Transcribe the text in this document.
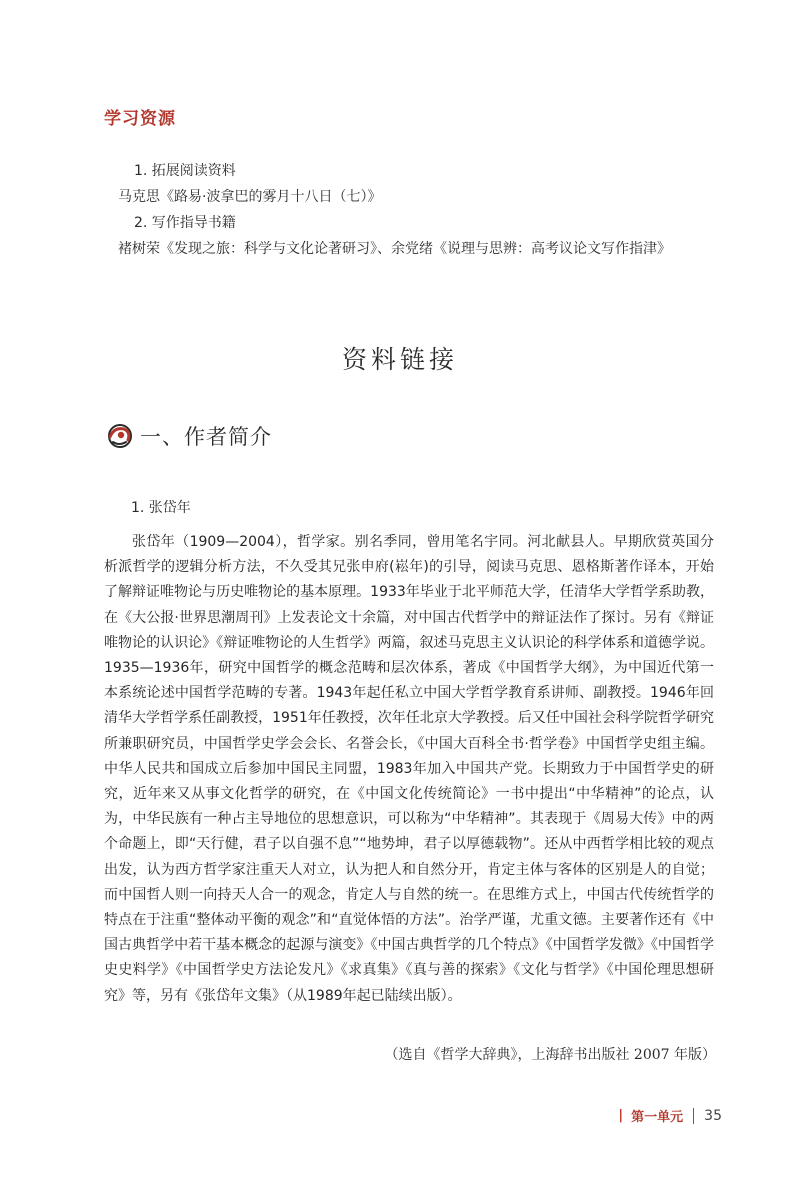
学习资源
1. 拓展阅读资料
马克思《路易·波拿巴的雾月十八日（七）》
2. 写作指导书籍
褚树荣《发现之旅：科学与文化论著研习》、余党绪《说理与思辨：高考议论文写作指津》
资料链接
一、作者简介
1. 张岱年

张岱年（1909—2004），哲学家。别名季同，曾用笔名宇同。河北献县人。早期欣赏英国分析派哲学的逻辑分析方法，不久受其兄张申府(崧年)的引导，阅读马克思、恩格斯著作译本，开始了解辩证唯物论与历史唯物论的基本原理。1933年毕业于北平师范大学，任清华大学哲学系助教，在《大公报·世界思潮周刊》上发表论文十余篇，对中国古代哲学中的辩证法作了探讨。另有《辩证唯物论的认识论》《辩证唯物论的人生哲学》两篇，叙述马克思主义认识论的科学体系和道德学说。1935—1936年，研究中国哲学的概念范畴和层次体系，著成《中国哲学大纲》，为中国近代第一本系统论述中国哲学范畴的专著。1943年起任私立中国大学哲学教育系讲师、副教授。1946年回清华大学哲学系任副教授，1951年任教授，次年任北京大学教授。后又任中国社会科学院哲学研究所兼职研究员，中国哲学史学会会长、名誉会长，《中国大百科全书·哲学卷》中国哲学史组主编。中华人民共和国成立后参加中国民主同盟，1983年加入中国共产党。长期致力于中国哲学史的研究，近年来又从事文化哲学的研究，在《中国文化传统简论》一书中提出“中华精神”的论点，认为，中华民族有一种占主导地位的思想意识，可以称为“中华精神”。其表现于《周易大传》中的两个命题上，即“天行健，君子以自强不息”“地势坤，君子以厚德载物”。还从中西哲学相比较的观点出发，认为西方哲学家注重天人对立，认为把人和自然分开，肯定主体与客体的区别是人的自觉；而中国哲人则一向持天人合一的观念，肯定人与自然的统一。在思维方式上，中国古代传统哲学的特点在于注重“整体动平衡的观念”和“直觉体悟的方法”。治学严谨，尤重文德。主要著作还有《中国古典哲学中若干基本概念的起源与演变》《中国古典哲学的几个特点》《中国哲学发微》《中国哲学史史料学》《中国哲学史方法论发凡》《求真集》《真与善的探索》《文化与哲学》《中国伦理思想研究》等，另有《张岱年文集》（从1989年起已陆续出版）。

（选自《哲学大辞典》，上海辞书出版社 2007 年版）
| 第一单元 35
